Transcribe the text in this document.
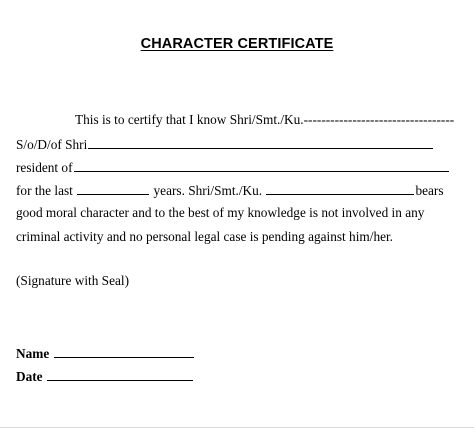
CHARACTER CERTIFICATE
This is to certify that I know Shri/Smt./Ku.----------------------------------
S/o/D/of Shri
resident of
for the last	years. Shri/Smt./Ku.	bears
good moral character and to the best of my knowledge is not involved in any
criminal activity and no personal legal case is pending against him/her.
(Signature with Seal)
Name
Date
